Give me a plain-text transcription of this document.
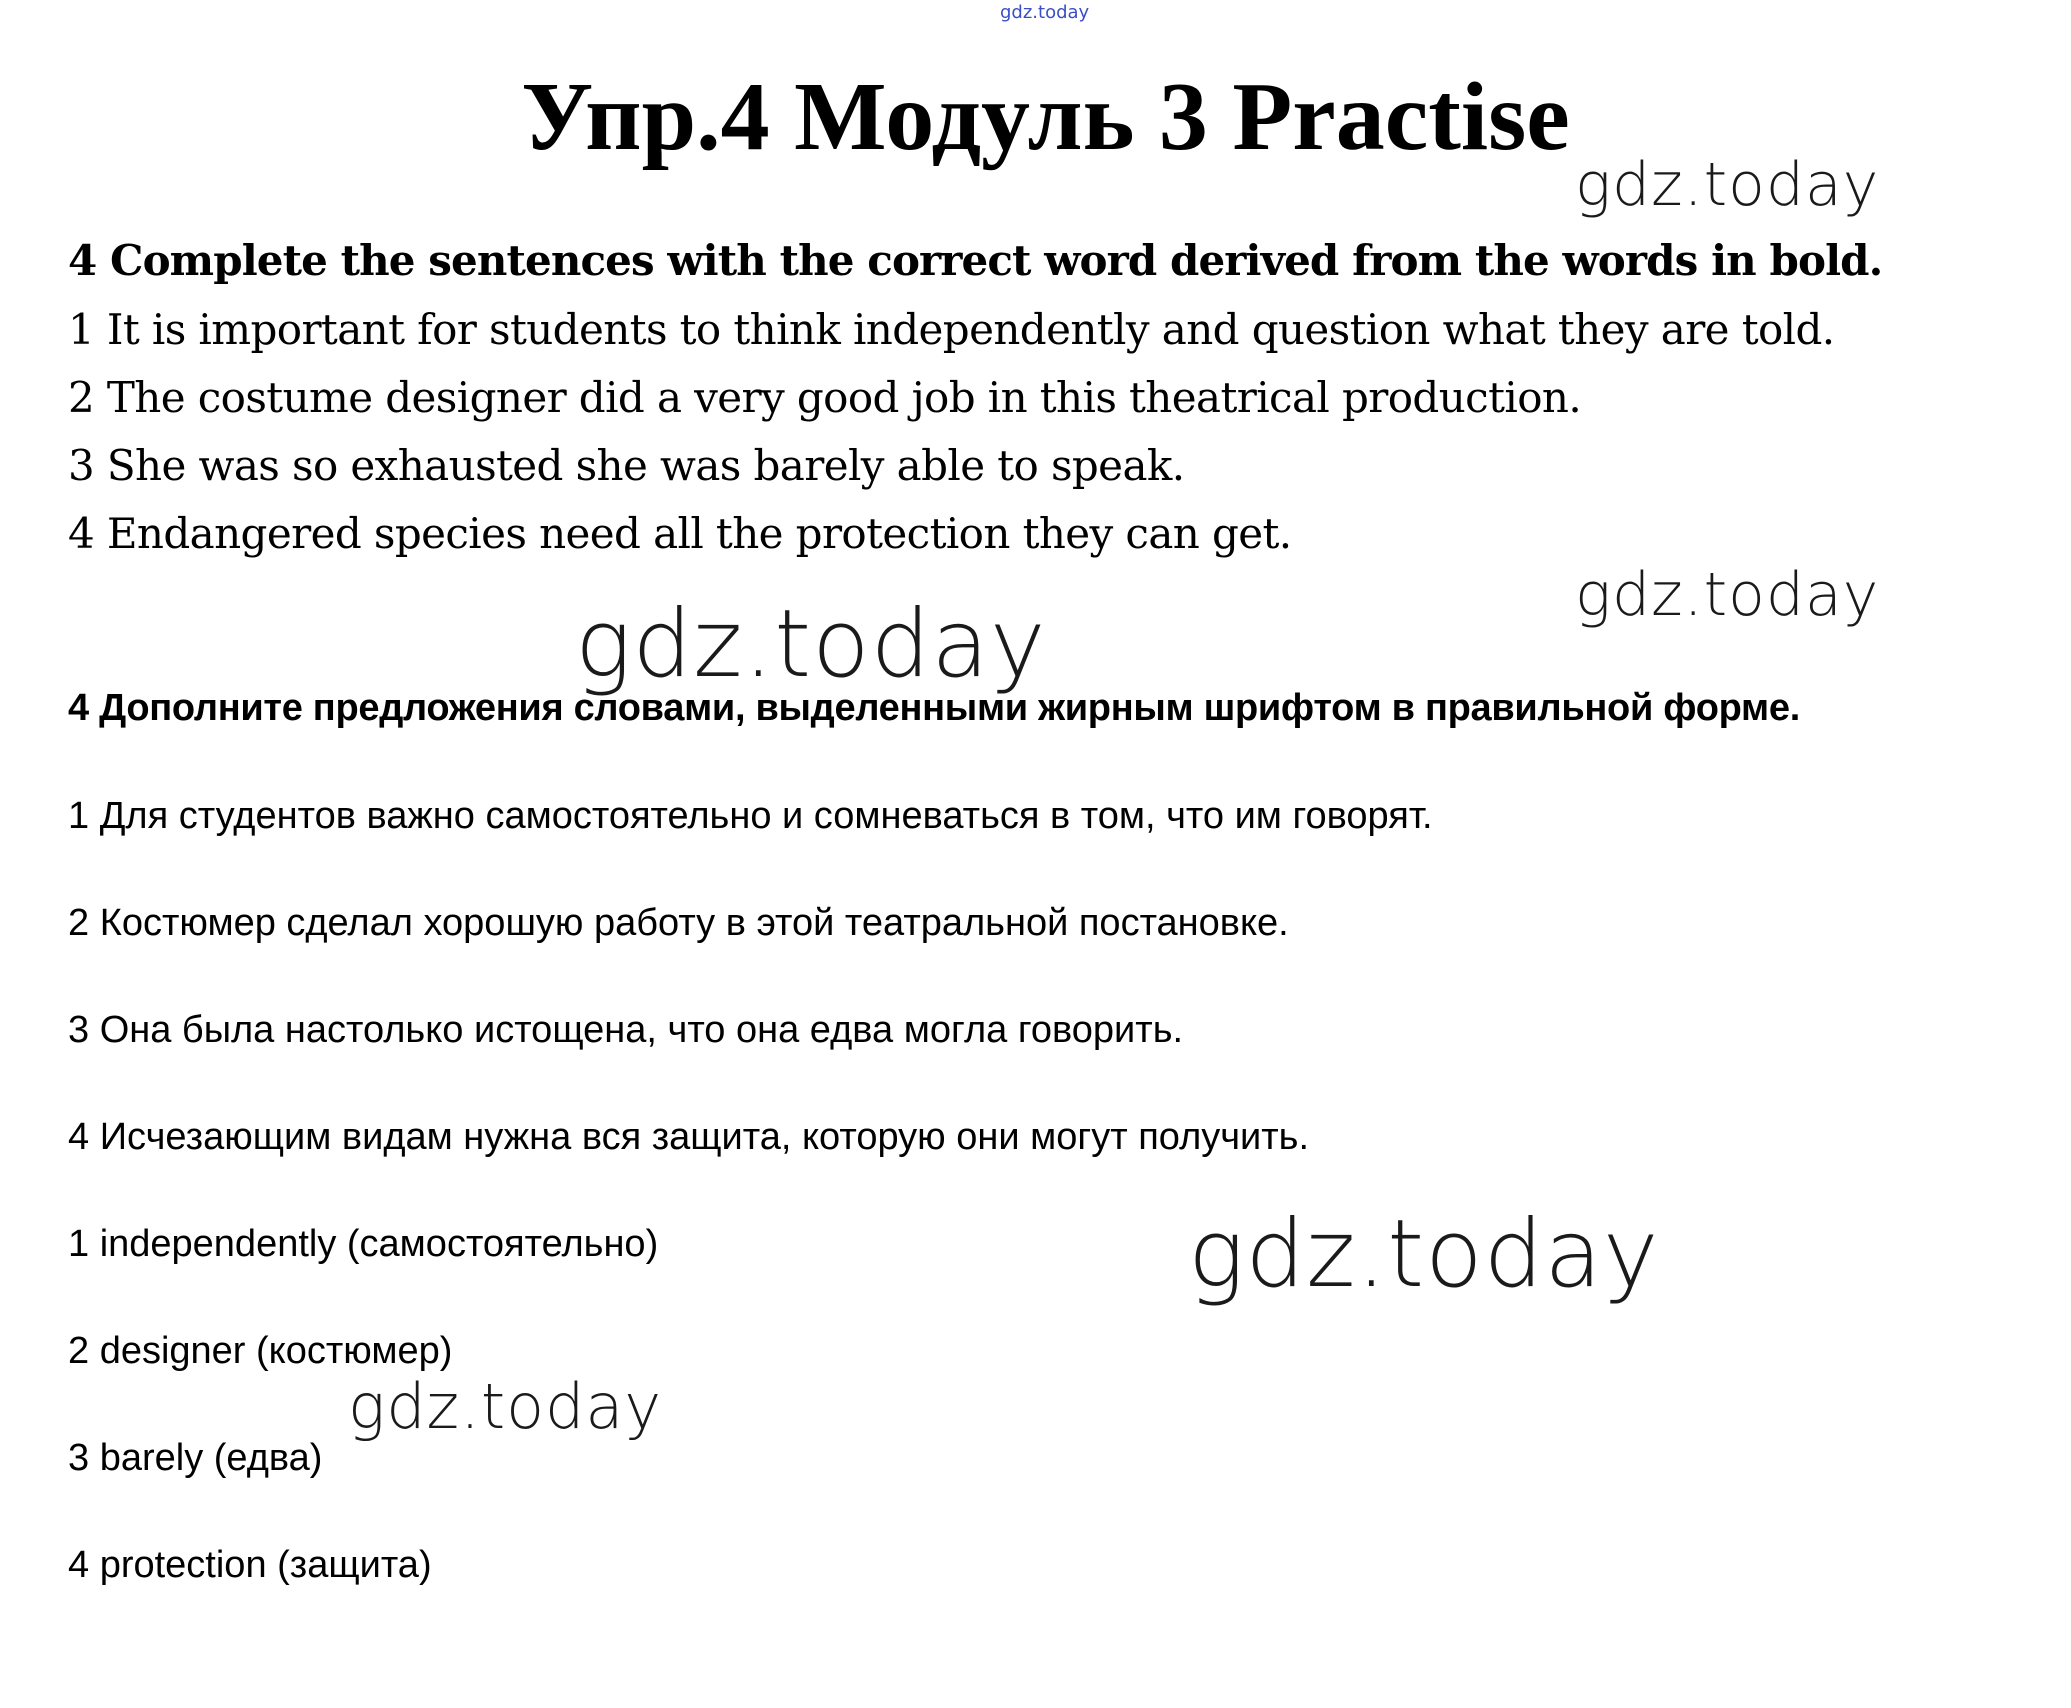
gdz.today
Упр.4 Модуль 3 Practise
gdz.today
4 Complete the sentences with the correct word derived from the words in bold.
1 It is important for students to think independently and question what they are told.
2 The costume designer did a very good job in this theatrical production.
3 She was so exhausted she was barely able to speak.
4 Endangered species need all the protection they can get.
gdz.today
gdz.today
4 Дополните предложения словами, выделенными жирным шрифтом в правильной форме.
1 Для студентов важно самостоятельно и сомневаться в том, что им говорят.
2 Костюмер сделал хорошую работу в этой театральной постановке.
3 Она была настолько истощена, что она едва могла говорить.
4 Исчезающим видам нужна вся защита, которую они могут получить.
1 independently (самостоятельно)	gdz.today
2 designer (костюмер)
gdz.today
3 barely (едва)
4 protection (защита)
